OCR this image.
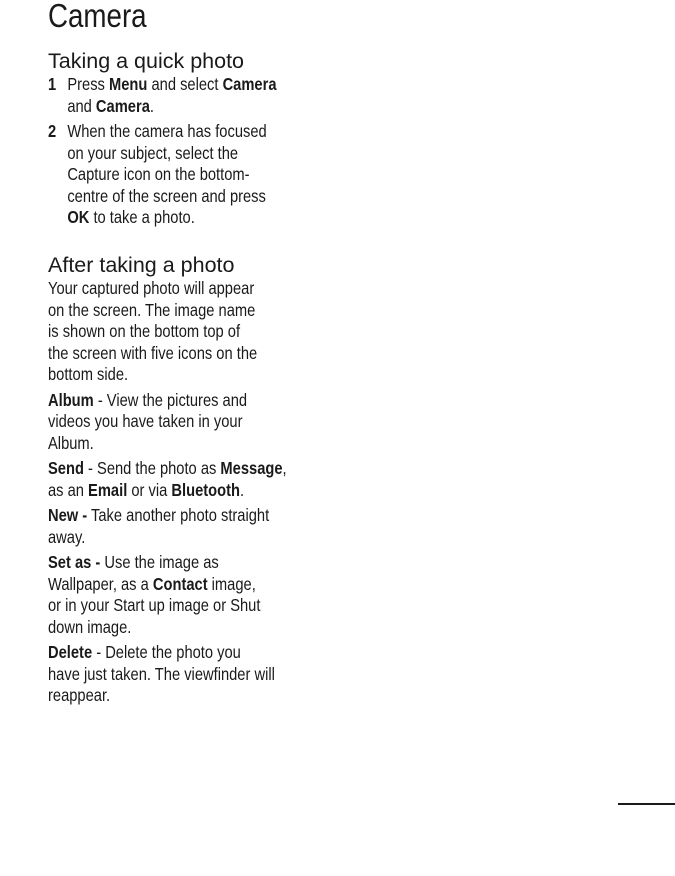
Camera
Taking a quick photo
1 Press Menu and select Camera
and Camera.
2 When the camera has focused
on your subject, select the
Capture icon on the bottom-
centre of the screen and press
OK to take a photo.
After taking a photo

Your captured photo will appear
on the screen. The image name
is shown on the bottom top of
the screen with five icons on the
bottom side.

Album - View the pictures and
videos you have taken in your
Album.

Send - Send the photo as Message,
as an Email or via Bluetooth.

New - Take another photo straight
away.

Set as - Use the image as
Wallpaper, as a Contact image,
or in your Start up image or Shut
down image.

Delete - Delete the photo you
have just taken. The viewfinder will
reappear.
